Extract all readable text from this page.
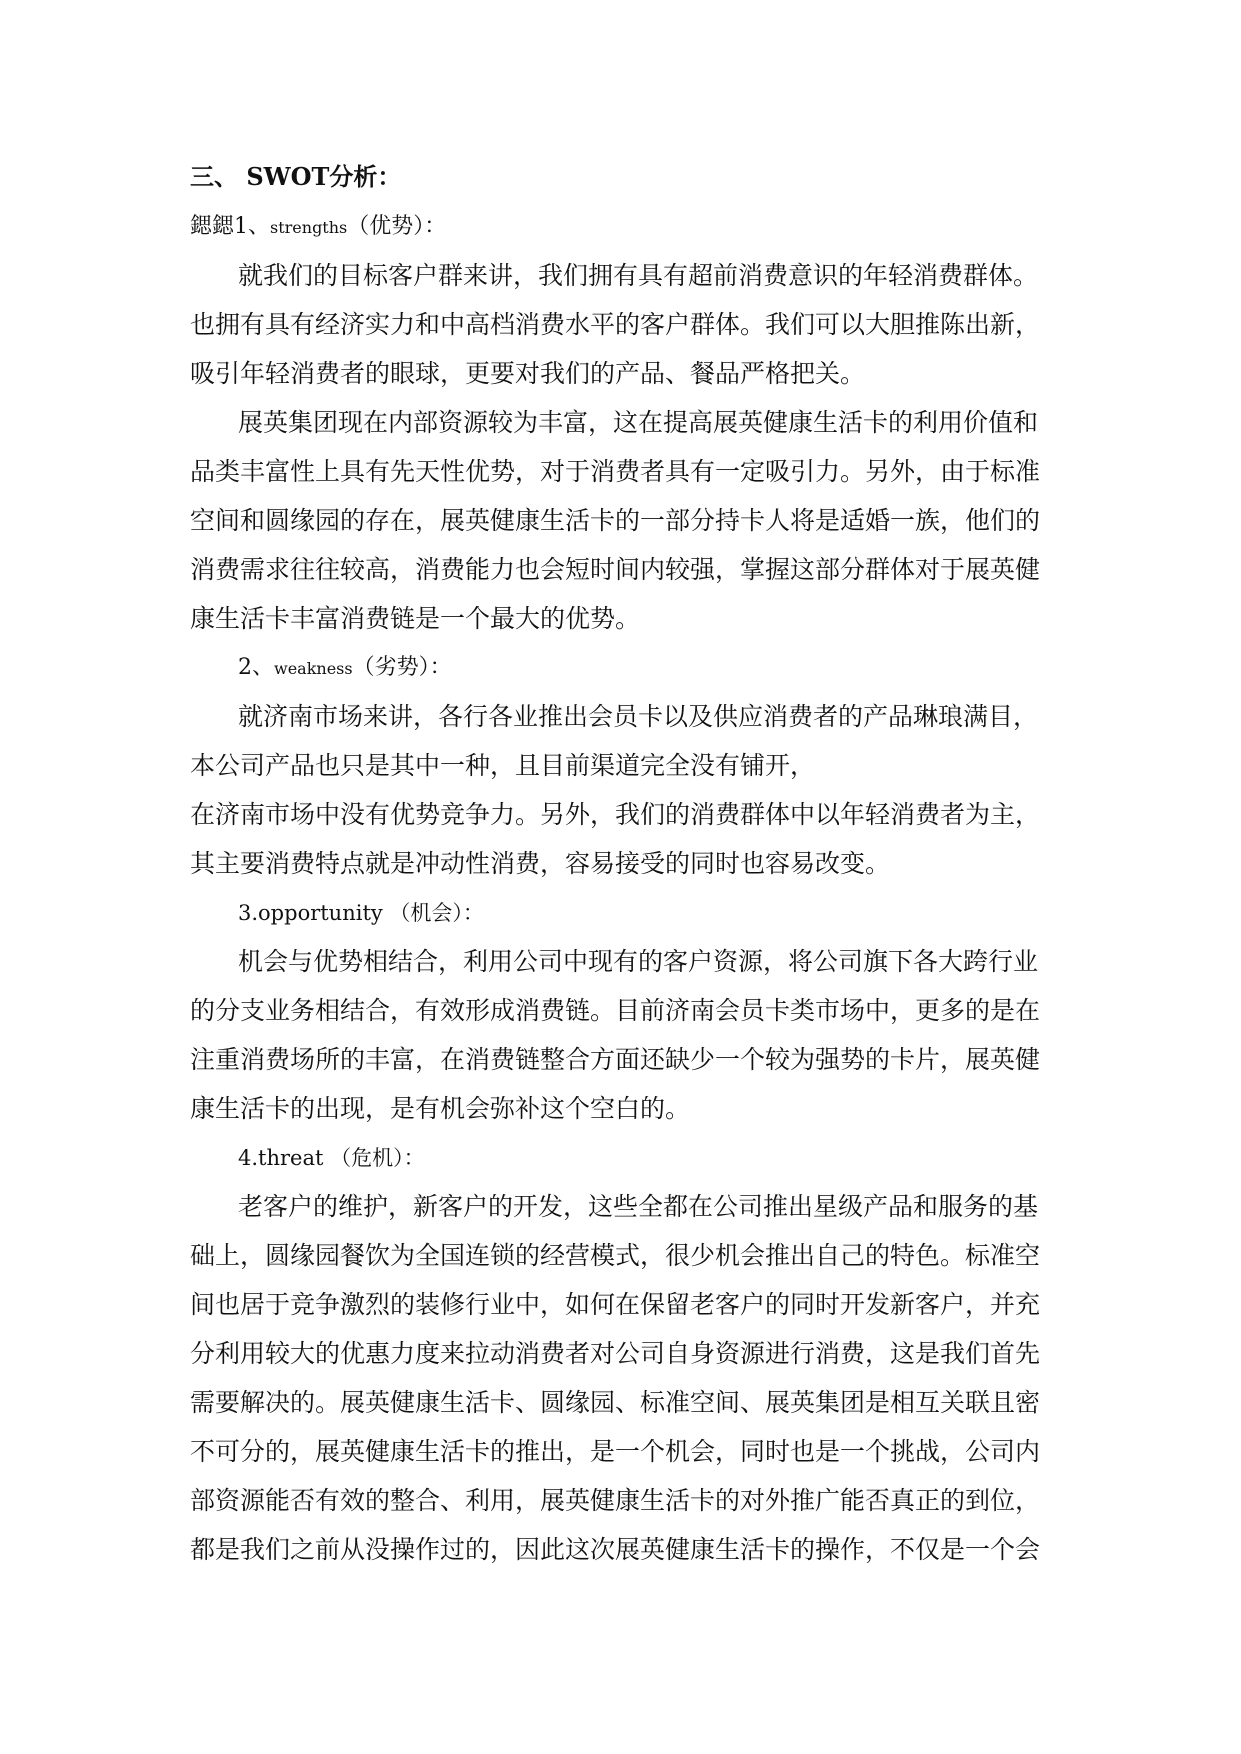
三、 SWOT分析：
鍶鍶1、strengths（优势）：
就我们的目标客户群来讲，我们拥有具有超前消费意识的年轻消费群体。
也拥有具有经济实力和中高档消费水平的客户群体。我们可以大胆推陈出新，
吸引年轻消费者的眼球，更要对我们的产品、餐品严格把关。
展英集团现在内部资源较为丰富，这在提高展英健康生活卡的利用价值和
品类丰富性上具有先天性优势，对于消费者具有一定吸引力。另外，由于标准
空间和圆缘园的存在，展英健康生活卡的一部分持卡人将是适婚一族，他们的
消费需求往往较高，消费能力也会短时间内较强，掌握这部分群体对于展英健
康生活卡丰富消费链是一个最大的优势。
2、weakness（劣势）：
就济南市场来讲，各行各业推出会员卡以及供应消费者的产品琳琅满目，
本公司产品也只是其中一种，且目前渠道完全没有铺开，
在济南市场中没有优势竞争力。另外，我们的消费群体中以年轻消费者为主，
其主要消费特点就是冲动性消费，容易接受的同时也容易改变。
3.opportunity （机会）：
机会与优势相结合，利用公司中现有的客户资源，将公司旗下各大跨行业
的分支业务相结合，有效形成消费链。目前济南会员卡类市场中，更多的是在
注重消费场所的丰富，在消费链整合方面还缺少一个较为强势的卡片，展英健
康生活卡的出现，是有机会弥补这个空白的。
4.threat （危机）：
老客户的维护，新客户的开发，这些全都在公司推出星级产品和服务的基
础上，圆缘园餐饮为全国连锁的经营模式，很少机会推出自己的特色。标准空
间也居于竞争激烈的装修行业中，如何在保留老客户的同时开发新客户，并充
分利用较大的优惠力度来拉动消费者对公司自身资源进行消费，这是我们首先
需要解决的。展英健康生活卡、圆缘园、标准空间、展英集团是相互关联且密
不可分的，展英健康生活卡的推出，是一个机会，同时也是一个挑战，公司内
部资源能否有效的整合、利用，展英健康生活卡的对外推广能否真正的到位，
都是我们之前从没操作过的，因此这次展英健康生活卡的操作，不仅是一个会
